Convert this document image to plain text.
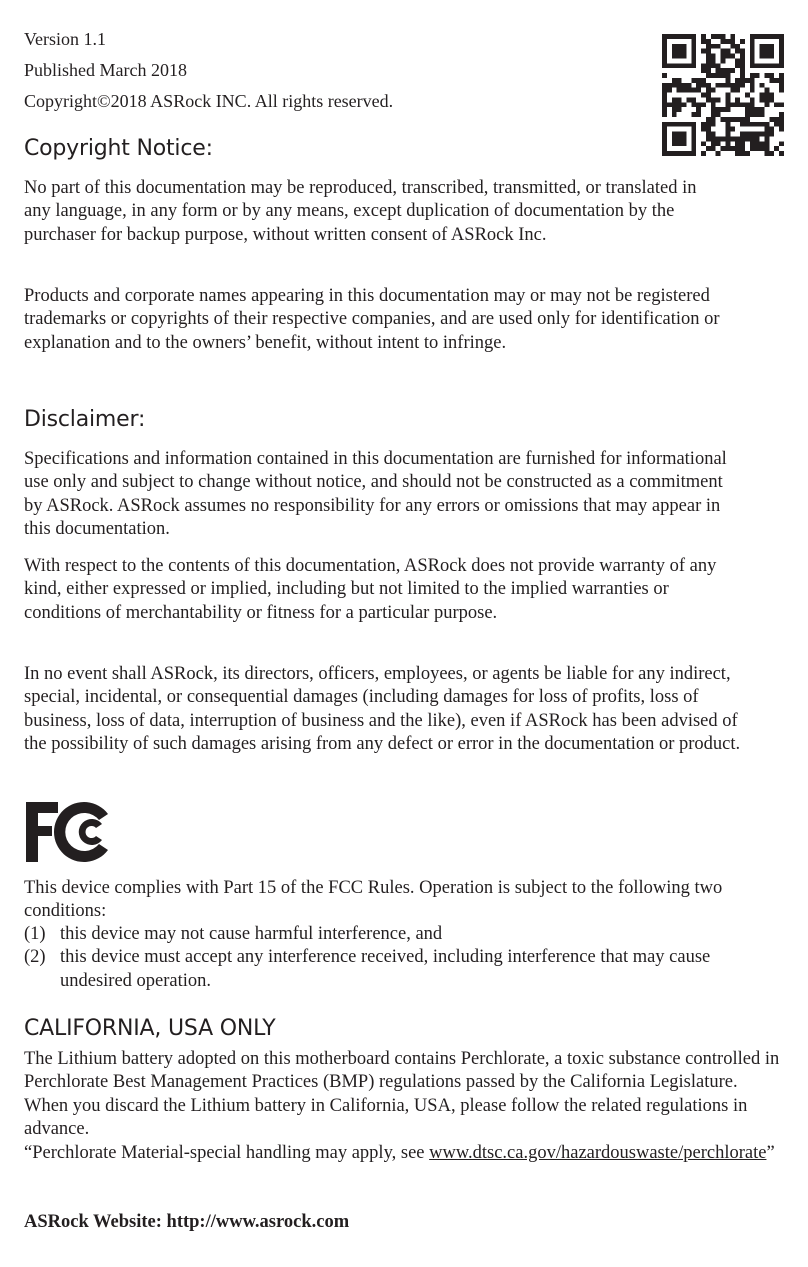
Version 1.1

Published March 2018

Copyright©2018 ASRock INC. All rights reserved.

Copyright Notice:

No part of this documentation may be reproduced, transcribed, transmitted, or translated in any language, in any form or by any means, except duplication of documentation by the purchaser for backup purpose, without written consent of ASRock Inc.

Products and corporate names appearing in this documentation may or may not be registered trademarks or copyrights of their respective companies, and are used only for identification or explanation and to the owners’ benefit, without intent to infringe.

Disclaimer:

Specifications and information contained in this documentation are furnished for informational use only and subject to change without notice, and should not be constructed as a commitment by ASRock. ASRock assumes no responsibility for any errors or omissions that may appear in this documentation.

With respect to the contents of this documentation, ASRock does not provide warranty of any kind, either expressed or implied, including but not limited to the implied warranties or conditions of merchantability or fitness for a particular purpose.

In no event shall ASRock, its directors, officers, employees, or agents be liable for any indirect, special, incidental, or consequential damages (including damages for loss of profits, loss of business, loss of data, interruption of business and the like), even if ASRock has been advised of the possibility of such damages arising from any defect or error in the documentation or product.

This device complies with Part 15 of the FCC Rules. Operation is subject to the following two conditions:

(1) this device may not cause harmful interference, and
(2) this device must accept any interference received, including interference that may cause undesired operation.
CALIFORNIA, USA ONLY
The Lithium battery adopted on this motherboard contains Perchlorate, a toxic substance controlled in Perchlorate Best Management Practices (BMP) regulations passed by the California Legislature. When you discard the Lithium battery in California, USA, please follow the related regulations in advance.
“Perchlorate Material-special handling may apply, see www.dtsc.ca.gov/hazardouswaste/perchlorate”
ASRock Website: http://www.asrock.com
